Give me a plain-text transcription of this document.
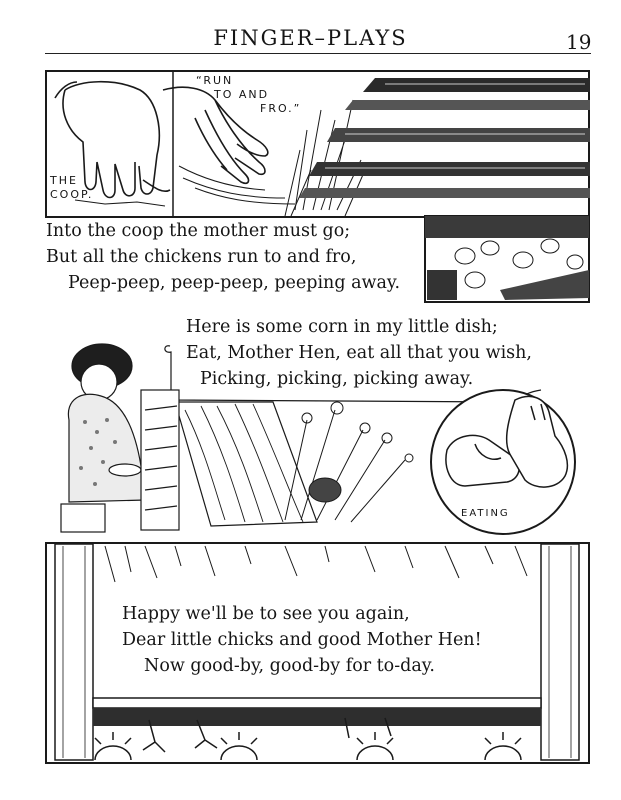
FINGER–PLAYS	19
THE
COOP.
“RUN
TO AND
FRO.”
Into the coop the mother must go;
But all the chickens run to and fro,
Peep-peep, peep-peep, peeping away.
Here is some corn in my little dish;
Eat, Mother Hen, eat all that you wish,
Picking, picking, picking away.
EATING
Happy we'll be to see you again,
Dear little chicks and good Mother Hen!
Now good-by, good-by for to-day.
